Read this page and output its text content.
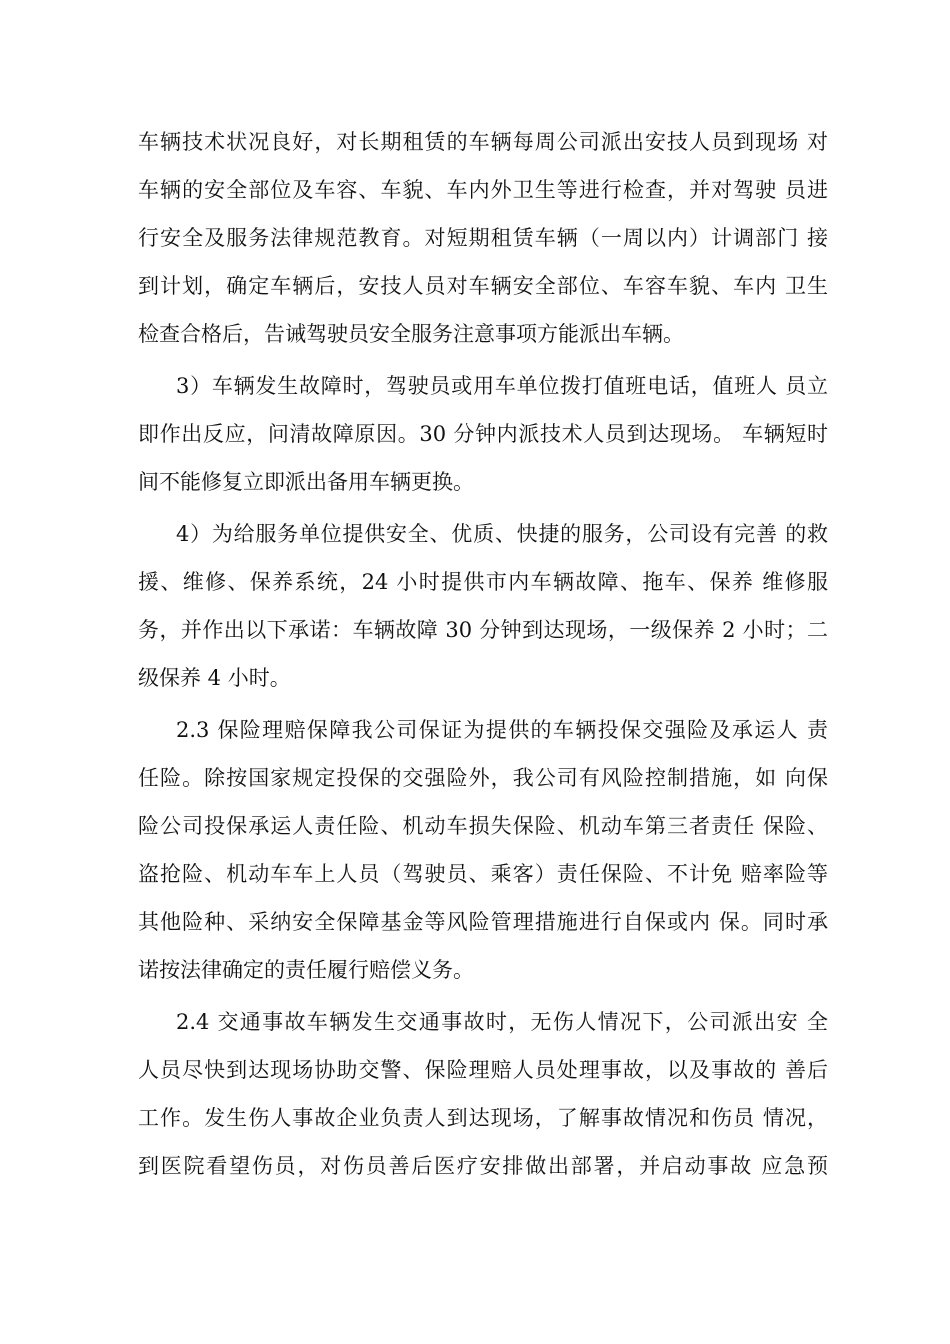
车辆技术状况良好，对长期租赁的车辆每周公司派出安技人员到现场 对
车辆的安全部位及车容、车貌、车内外卫生等进行检查，并对驾驶 员进
行安全及服务法律规范教育。对短期租赁车辆（一周以内）计调部门 接
到计划，确定车辆后，安技人员对车辆安全部位、车容车貌、车内 卫生
检查合格后，告诫驾驶员安全服务注意事项方能派出车辆。
3）车辆发生故障时，驾驶员或用车单位拨打值班电话，值班人 员立
即作出反应，问清故障原因。30 分钟内派技术人员到达现场。 车辆短时
间不能修复立即派出备用车辆更换。
4）为给服务单位提供安全、优质、快捷的服务，公司设有完善 的救
援、维修、保养系统，24 小时提供市内车辆故障、拖车、保养 维修服
务，并作出以下承诺：车辆故障 30 分钟到达现场，一级保养 2 小时；二
级保养 4 小时。
2.3 保险理赔保障我公司保证为提供的车辆投保交强险及承运人 责
任险。除按国家规定投保的交强险外，我公司有风险控制措施，如 向保
险公司投保承运人责任险、机动车损失保险、机动车第三者责任 保险、
盗抢险、机动车车上人员（驾驶员、乘客）责任保险、不计免 赔率险等
其他险种、采纳安全保障基金等风险管理措施进行自保或内 保。同时承
诺按法律确定的责任履行赔偿义务。
2.4 交通事故车辆发生交通事故时，无伤人情况下，公司派出安 全
人员尽快到达现场协助交警、保险理赔人员处理事故，以及事故的 善后
工作。发生伤人事故企业负责人到达现场，了解事故情况和伤员 情况，
到医院看望伤员，对伤员善后医疗安排做出部署，并启动事故 应急预
